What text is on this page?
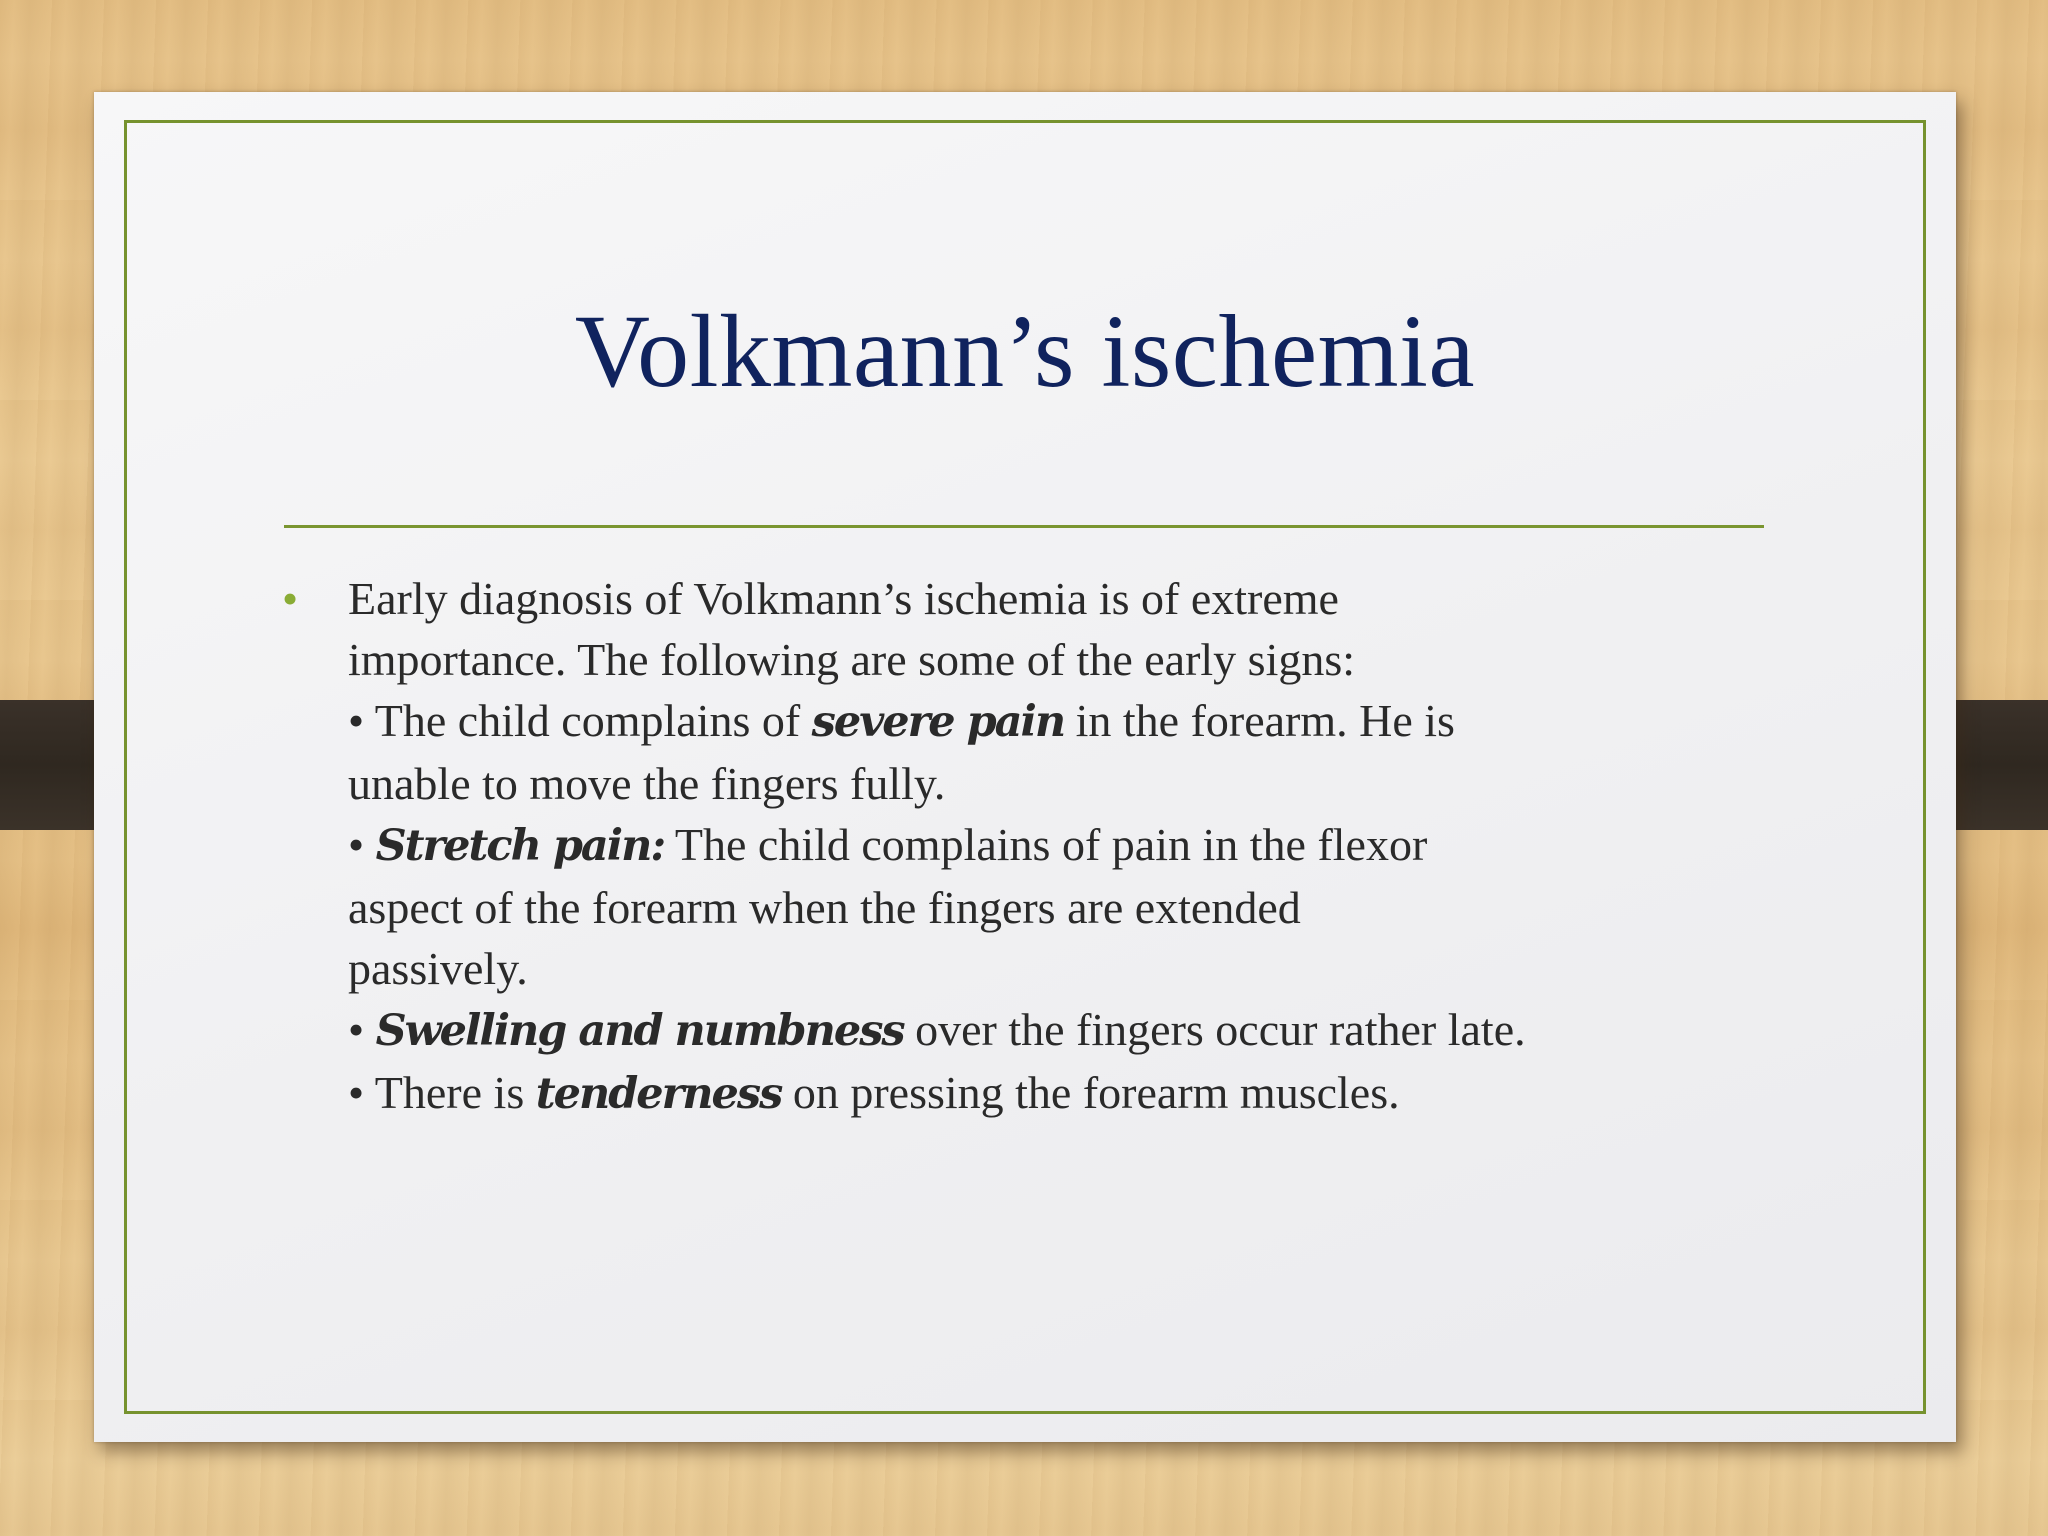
Volkmann’s ischemia
• Early diagnosis of Volkmann’s ischemia is of extreme
importance. The following are some of the early signs:
• The child complains of severe pain in the forearm. He is
unable to move the fingers fully.
• Stretch pain: The child complains of pain in the flexor
aspect of the forearm when the fingers are extended
passively.
• Swelling and numbness over the fingers occur rather late.
• There is tenderness on pressing the forearm muscles.
